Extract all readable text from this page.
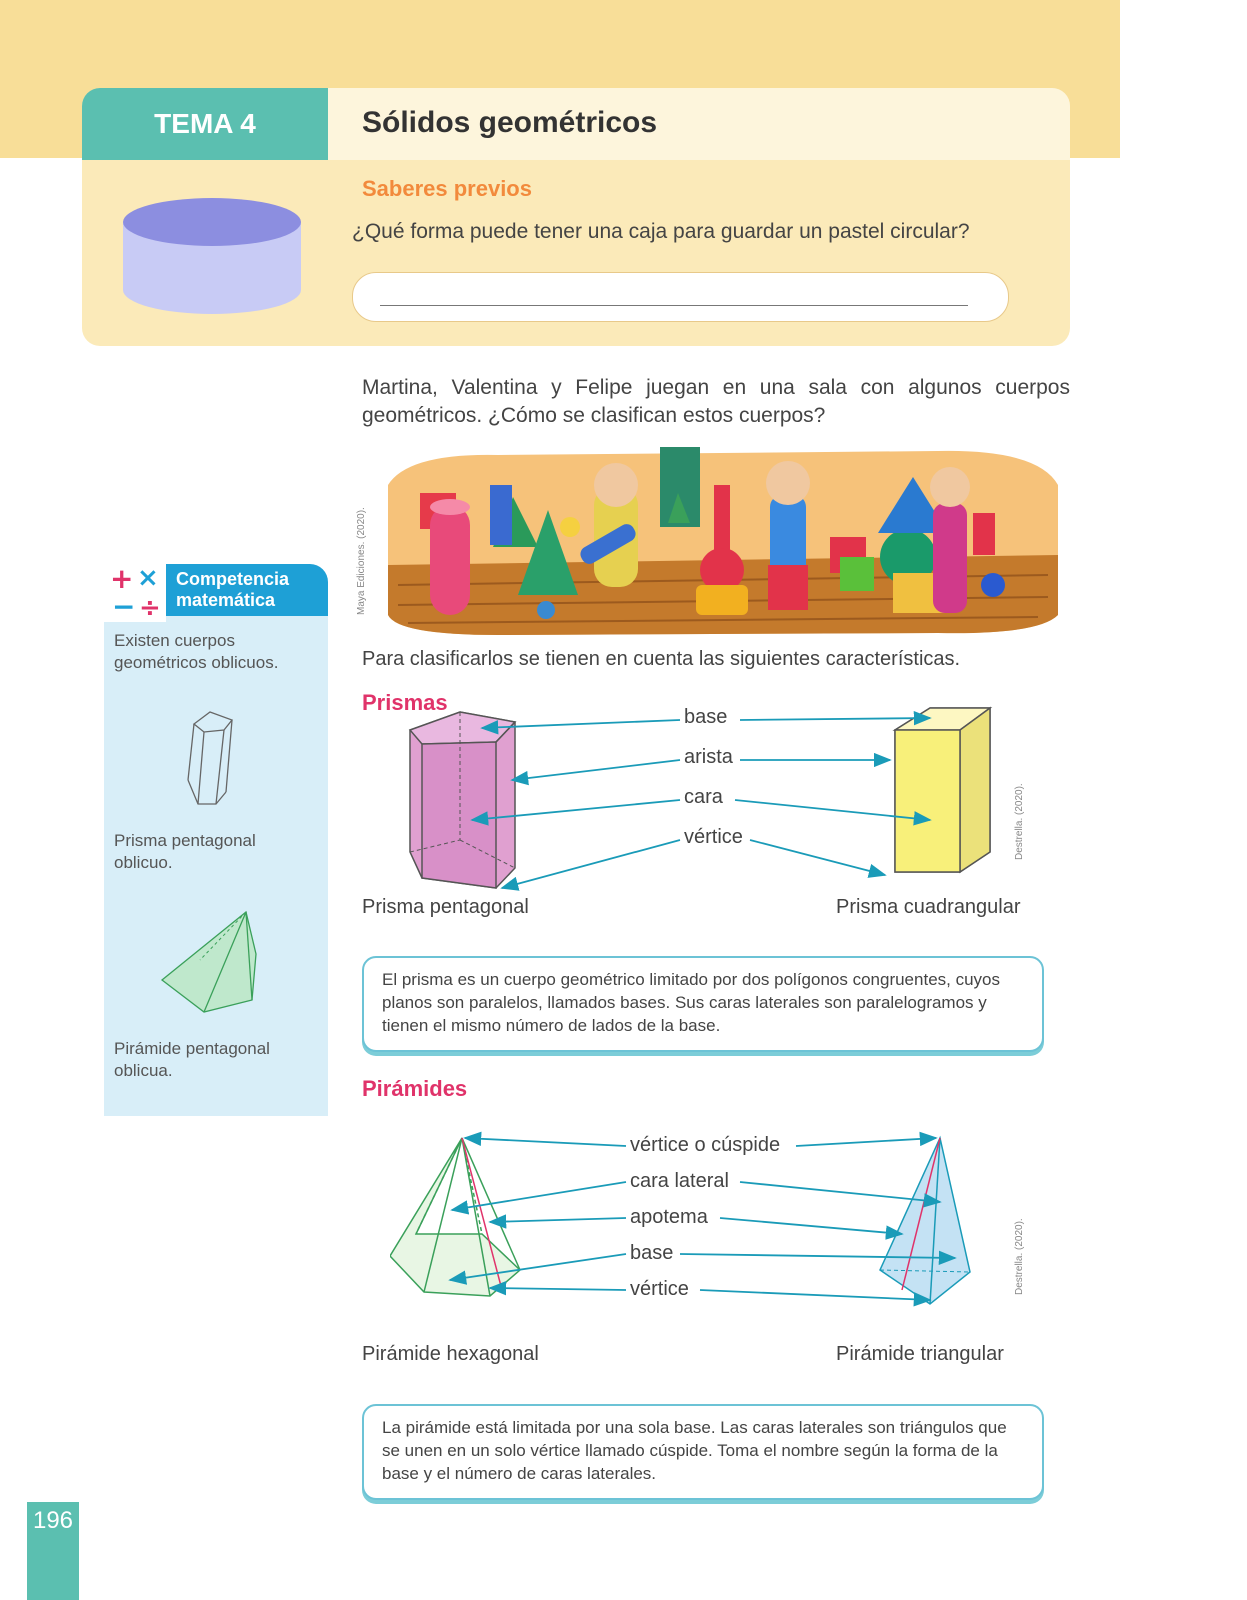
TEMA 4	Sólidos geométricos
Saberes previos
¿Qué forma puede tener una caja para guardar un pastel circular?
Martina, Valentina y Felipe juegan en una sala con algunos cuerpos geométricos. ¿Cómo se clasifican estos cuerpos?
Maya Ediciones. (2020).
Para clasificarlos se tienen en cuenta las siguientes características.
Prismas
base
arista
cara
vértice	Destrella. (2020).
Prisma pentagonal	Prisma cuadrangular
El prisma es un cuerpo geométrico limitado por dos polígonos congruentes, cuyos planos son paralelos, llamados bases. Sus caras laterales son paralelogramos y tienen el mismo número de lados de la base.
Pirámides
vértice o cúspide
cara lateral
apotema
base
vértice	Destrella. (2020).
Pirámide hexagonal	Pirámide triangular
La pirámide está limitada por una sola base. Las caras laterales son triángulos que se unen en un solo vértice llamado cúspide. Toma el nombre según la forma de la base y el número de caras laterales.
+ ×
− ÷
Competencia
matemática
Existen cuerpos geométricos oblicuos.
Prisma pentagonal oblicuo.
Pirámide pentagonal oblicua.
196
